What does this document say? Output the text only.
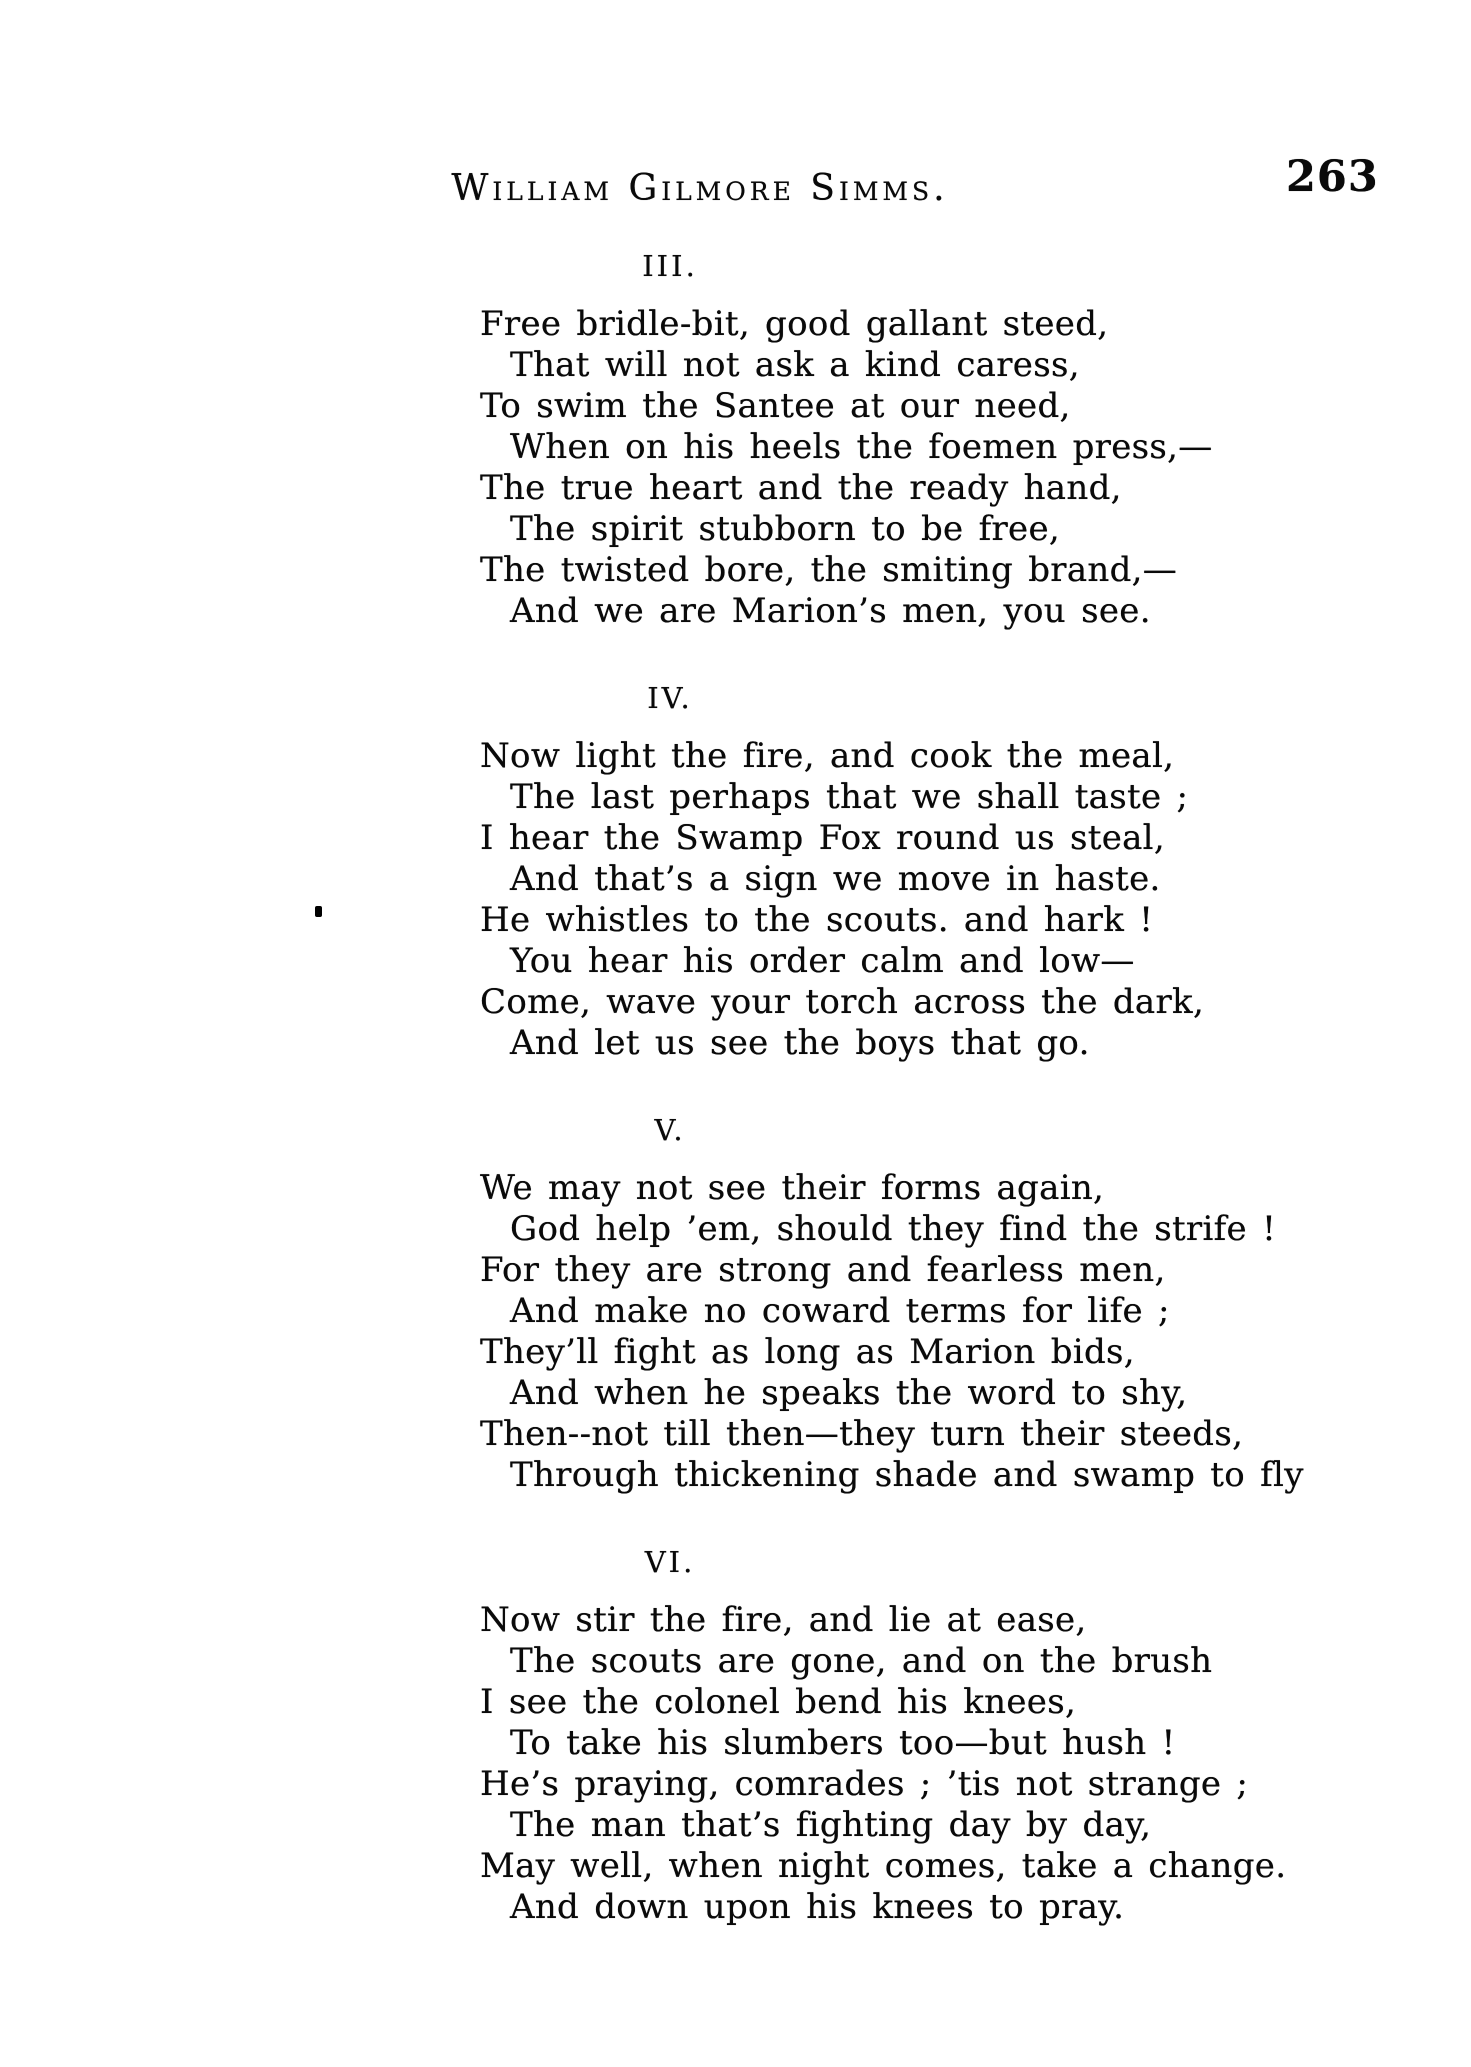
William Gilmore Simms.	263
III.
Free bridle-bit, good gallant steed,
That will not ask a kind caress,
To swim the Santee at our need,
When on his heels the foemen press,—
The true heart and the ready hand,
The spirit stubborn to be free,
The twisted bore, the smiting brand,—
And we are Marion’s men, you see.
IV.
Now light the fire, and cook the meal,
The last perhaps that we shall taste ;
I hear the Swamp Fox round us steal,
And that’s a sign we move in haste.
He whistles to the scouts. and hark !
You hear his order calm and low—
Come, wave your torch across the dark,
And let us see the boys that go.
V.
We may not see their forms again,
God help ’em, should they find the strife !
For they are strong and fearless men,
And make no coward terms for life ;
They’ll fight as long as Marion bids,
And when he speaks the word to shy,
Then--not till then—they turn their steeds,
Through thickening shade and swamp to fly
VI.
Now stir the fire, and lie at ease,
The scouts are gone, and on the brush
I see the colonel bend his knees,
To take his slumbers too—but hush !
He’s praying, comrades ; ’tis not strange ;
The man that’s fighting day by day,
May well, when night comes, take a change.
And down upon his knees to pray.
